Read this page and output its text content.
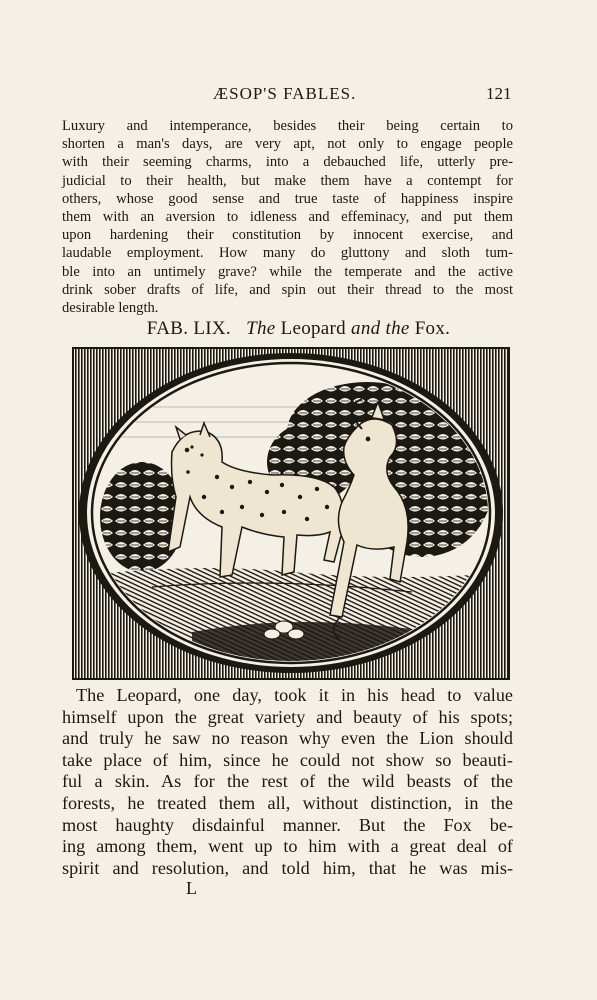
ÆSOP'S FABLES.	121
Luxury and intemperance, besides their being certain to
shorten a man's days, are very apt, not only to engage people
with their seeming charms, into a debauched life, utterly pre-
judicial to their health, but make them have a contempt for
others, whose good sense and true taste of happiness inspire
them with an aversion to idleness and effeminacy, and put them
upon hardening their constitution by innocent exercise, and
laudable employment. How many do gluttony and sloth tum-
ble into an untimely grave? while the temperate and the active
drink sober drafts of life, and spin out their thread to the most
desirable length.
FAB. LIX. The Leopard and the Fox.
The Leopard, one day, took it in his head to value
himself upon the great variety and beauty of his spots;
and truly he saw no reason why even the Lion should
take place of him, since he could not show so beauti-
ful a skin. As for the rest of the wild beasts of the
forests, he treated them all, without distinction, in the
most haughty disdainful manner. But the Fox be-
ing among them, went up to him with a great deal of
spirit and resolution, and told him, that he was mis-
L
